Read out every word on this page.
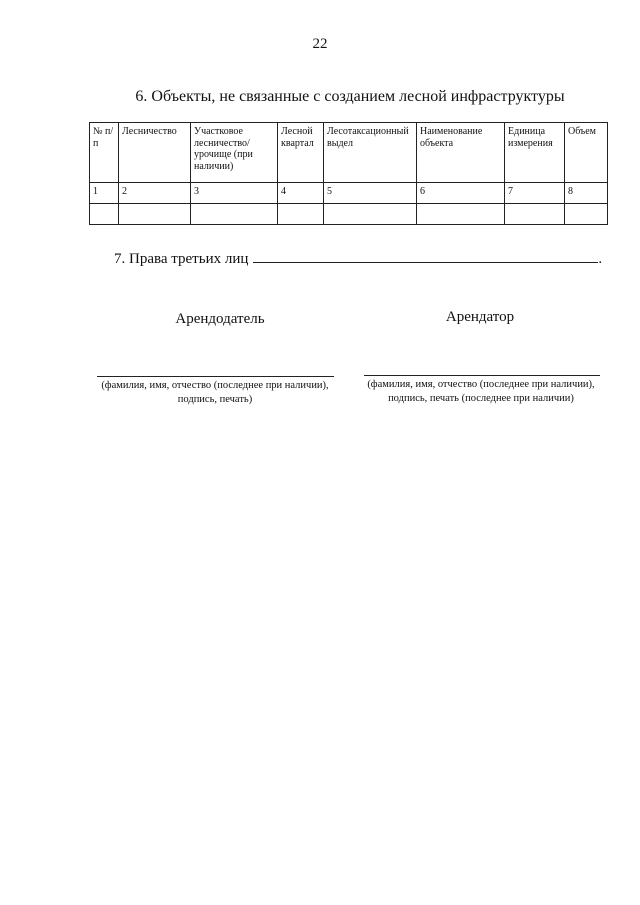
22
6. Объекты, не связанные с созданием лесной инфраструктуры
№ п/п	Лесничество	Участковое лесничество/ урочище (при наличии)	Лесной квартал	Лесотаксационный выдел	Наименование объекта	Единица измерения	Объем
1	2	3	4	5	6	7	8

7. Права третьих лиц	.
Арендодатель	Арендатор
(фамилия, имя, отчество (последнее при наличии),
подпись, печать)
(фамилия, имя, отчество (последнее при наличии),
подпись, печать (последнее при наличии)
